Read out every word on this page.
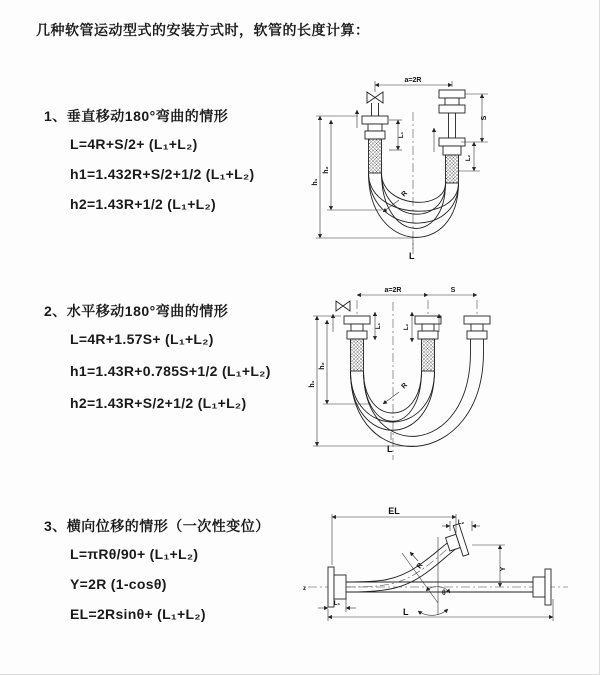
几种软管运动型式的安装方式时，软管的长度计算：
1、垂直移动180°弯曲的情形
L=4R+S/2+ (L₁+L₂)
h1=1.432R+S/2+1/2 (L₁+L₂)
h2=1.43R+1/2 (L₁+L₂)
2、水平移动180°弯曲的情形
L=4R+1.57S+ (L₁+L₂)
h1=1.43R+0.785S+1/2 (L₁+L₂)
h2=1.43R+S/2+1/2 (L₁+L₂)
3、横向位移的情形（一次性变位）
L=πRθ/90+ (L₁+L₂)
Y=2R (1-cosθ)
EL=2Rsinθ+ (L₁+L₂)
a=2R
h₁
h₂
L₁
S
L₂
R
L
a=2R	S
h₁
h₂
L₁	L₂
R
L
z
EL
L₂
Y
θ
R
L₁
L
